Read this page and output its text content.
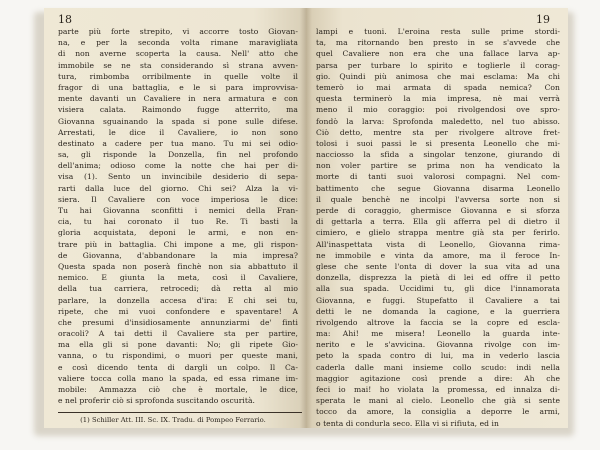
18
parte più forte strepito, vi accorre tosto Giovan-
na, e per la seconda volta rimane maravigliata
di non averne scoperta la causa. Nell' atto che
immobile se ne sta considerando sì strana avven-
tura, rimbomba orribilmente in quelle volte il
fragor di una battaglia, e le si para improvvisa-
mente davanti un Cavaliere in nera armatura e con
visiera calata. Raimondo fugge atterrito, ma
Giovanna sguainando la spada si pone sulle difese.
Arrestati, le dice il Cavaliere, io non sono
destinato a cadere per tua mano. Tu mi sei odio-
sa, gli risponde la Donzella, fin nel profondo
dell'anima; odioso come la notte che hai per di-
visa (1). Sento un invincibile desiderio di sepa-
rarti dalla luce del giorno. Chi sei? Alza la vi-
siera. Il Cavaliere con voce imperiosa le dice:
Tu hai Giovanna sconfitti i nemici della Fran-
cia, tu hai coronato il tuo Re. Ti basti la
gloria acquistata, deponi le armi, e non en-
trare più in battaglia. Chi impone a me, gli rispon-
de Giovanna, d'abbandonare la mia impresa?
Questa spada non poserà finchè non sia abbattuto il
nemico. E giunta la meta, così il Cavaliere,
della tua carriera, retrocedi; dà retta al mio
parlare, la donzella accesa d'ira: E chi sei tu,
ripete, che mi vuoi confondere e spaventare! A
che presumi d'insidiosamente annunziarmi de' finti
oracoli? A tai detti il Cavaliere sta per partire,
ma ella gli si pone davanti: No; gli ripete Gio-
vanna, o tu rispondimi, o muori per queste mani,
e così dicendo tenta di dargli un colpo. Il Ca-
valiere tocca colla mano la spada, ed essa rimane im-
mobile: Ammazza ciò che è mortale, le dice,
e nel proferir ciò si sprofonda suscitando oscurità.
(1) Schiller Att. III. Sc. IX. Tradu. di Pompeo Ferrario.
19
lampi e tuoni. L'eroina resta sulle prime stordi-
ta, ma ritornando ben presto in se s'avvede che
quel Cavaliere non era che una fallace larva ap-
parsa per turbare lo spirito e toglierle il corag-
gio. Quindi più animosa che mai esclama: Ma chi
temerò io mai armata di spada nemica? Con
questa terminerò la mia impresa, nè mai verrà
meno il mio coraggio: poi rivolgendosi ove spro-
fondò la larva: Sprofonda maledetto, nel tuo abisso.
Ciò detto, mentre sta per rivolgere altrove fret-
tolosi i suoi passi le si presenta Leonello che mi-
nacciosso la sfida a singolar tenzone, giurando di
non voler partire se prima non ha vendicato la
morte di tanti suoi valorosi compagni. Nel com-
battimento che segue Giovanna disarma Leonello
il quale benchè ne incolpi l'avversa sorte non si
perde di coraggio, ghermisce Giovanna e si sforza
di gettarla a terra. Ella gli afferra pel di dietro il
cimiero, e glielo strappa mentre già sta per ferirlo.
All'inaspettata vista di Leonello, Giovanna rima-
ne immobile e vinta da amore, ma il feroce In-
glese che sente l'onta di dover la sua vita ad una
donzella, disprezza la pietà di lei ed offre il petto
alla sua spada. Uccidimi tu, gli dice l'innamorata
Giovanna, e fuggi. Stupefatto il Cavaliere a tai
detti le ne domanda la cagione, e la guerriera
rivolgendo altrove la faccia se la copre ed escla-
ma: Ahi! me misera! Leonello la guarda inte-
nerito e le s'avvicina. Giovanna rivolge con im-
peto la spada contro di lui, ma in vederlo lascia
caderla dalle mani insieme collo scudo: indi nella
maggior agitazione così prende a dire: Ah che
feci io mai! ho violata la promessa, ed innalza di-
sperata le mani al cielo. Leonello che già si sente
tocco da amore, la consiglia a deporre le armi,
o tenta di condurla seco. Ella vi si rifiuta, ed in
